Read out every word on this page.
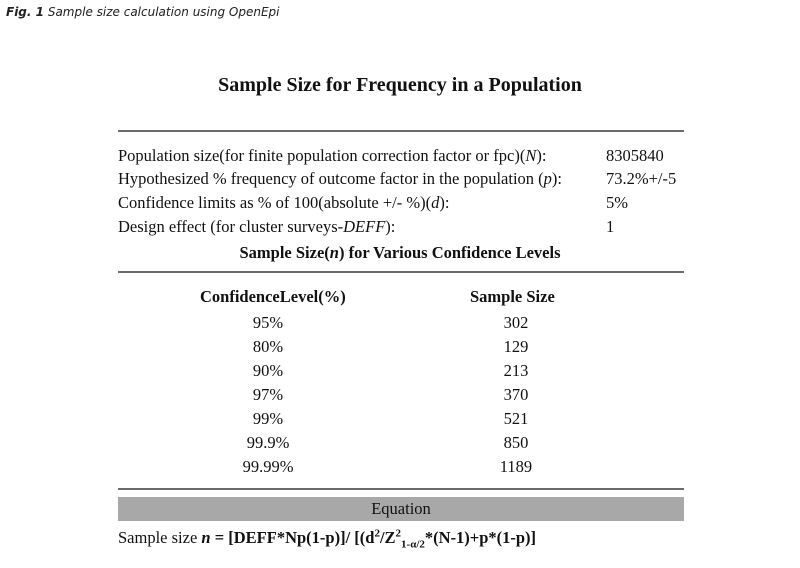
Fig. 1 Sample size calculation using OpenEpi
Sample Size for Frequency in a Population
Population size(for finite population correction factor or fpc)(N):	8305840
Hypothesized % frequency of outcome factor in the population (p):	73.2%+/-5
Confidence limits as % of 100(absolute +/- %)(d):	5%
Design effect (for cluster surveys-DEFF):	1
Sample Size(n) for Various Confidence Levels
ConfidenceLevel(%)	Sample Size
95%	302
80%	129
90%	213
97%	370
99%	521
99.9%	850
99.99%	1189
Equation
Sample size n = [DEFF*Np(1-p)]/ [$(d^2/Z^2_{1-\alpha/2}*(N-1)+p*(1-p)]$
